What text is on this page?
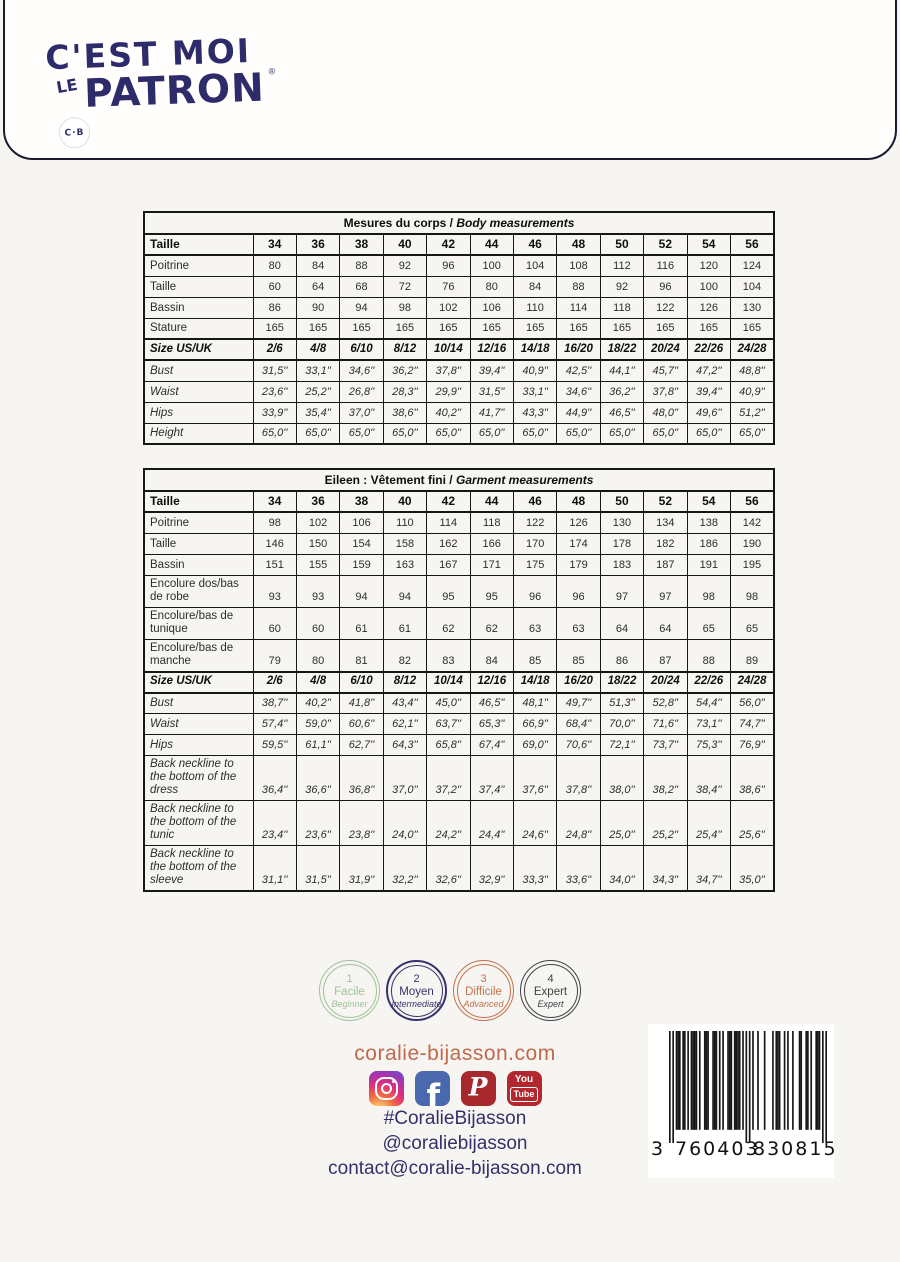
C'EST MOI
LE PATRON ®
C·B
Mesures du corps / Body measurements												
Taille	34	36	38	40	42	44	46	48	50	52	54	56
Poitrine	80	84	88	92	96	100	104	108	112	116	120	124
Taille	60	64	68	72	76	80	84	88	92	96	100	104
Bassin	86	90	94	98	102	106	110	114	118	122	126	130
Stature	165	165	165	165	165	165	165	165	165	165	165	165
Size US/UK	2/6	4/8	6/10	8/12	10/14	12/16	14/18	16/20	18/22	20/24	22/26	24/28
Bust	31,5''	33,1''	34,6''	36,2''	37,8''	39,4''	40,9''	42,5''	44,1''	45,7''	47,2''	48,8''
Waist	23,6''	25,2''	26,8''	28,3''	29,9''	31,5''	33,1''	34,6''	36,2''	37,8''	39,4''	40,9''
Hips	33,9''	35,4''	37,0''	38,6''	40,2''	41,7''	43,3''	44,9''	46,5''	48,0''	49,6''	51,2''
Height	65,0''	65,0''	65,0''	65,0''	65,0''	65,0''	65,0''	65,0''	65,0''	65,0''	65,0''	65,0''
Eileen : Vêtement fini / Garment measurements												
Taille	34	36	38	40	42	44	46	48	50	52	54	56
Poitrine	98	102	106	110	114	118	122	126	130	134	138	142
Taille	146	150	154	158	162	166	170	174	178	182	186	190
Bassin	151	155	159	163	167	171	175	179	183	187	191	195
Encolure dos/bas de robe	93	93	94	94	95	95	96	96	97	97	98	98
Encolure/bas de tunique	60	60	61	61	62	62	63	63	64	64	65	65
Encolure/bas de manche	79	80	81	82	83	84	85	85	86	87	88	89
Size US/UK	2/6	4/8	6/10	8/12	10/14	12/16	14/18	16/20	18/22	20/24	22/26	24/28
Bust	38,7''	40,2''	41,8''	43,4''	45,0''	46,5''	48,1''	49,7''	51,3''	52,8''	54,4''	56,0''
Waist	57,4''	59,0''	60,6''	62,1''	63,7''	65,3''	66,9''	68,4''	70,0''	71,6''	73,1''	74,7''
Hips	59,5''	61,1''	62,7''	64,3''	65,8''	67,4''	69,0''	70,6''	72,1''	73,7''	75,3''	76,9''
Back neckline to the bottom of the dress	36,4''	36,6''	36,8''	37,0''	37,2''	37,4''	37,6''	37,8''	38,0''	38,2''	38,4''	38,6''
Back neckline to the bottom of the tunic	23,4''	23,6''	23,8''	24,0''	24,2''	24,4''	24,6''	24,8''	25,0''	25,2''	25,4''	25,6''
Back neckline to the bottom of the sleeve	31,1''	31,5''	31,9''	32,2''	32,6''	32,9''	33,3''	33,6''	34,0''	34,3''	34,7''	35,0''
1
Facile
Beginner
2
Moyen
Intermediate
3
Difficile
Advanced
4
Expert
Expert
coralie-bijasson.com
f P	You
Tube
#CoralieBijasson
@coraliebijasson
contact@coralie-bijasson.com
3 760403
830815
